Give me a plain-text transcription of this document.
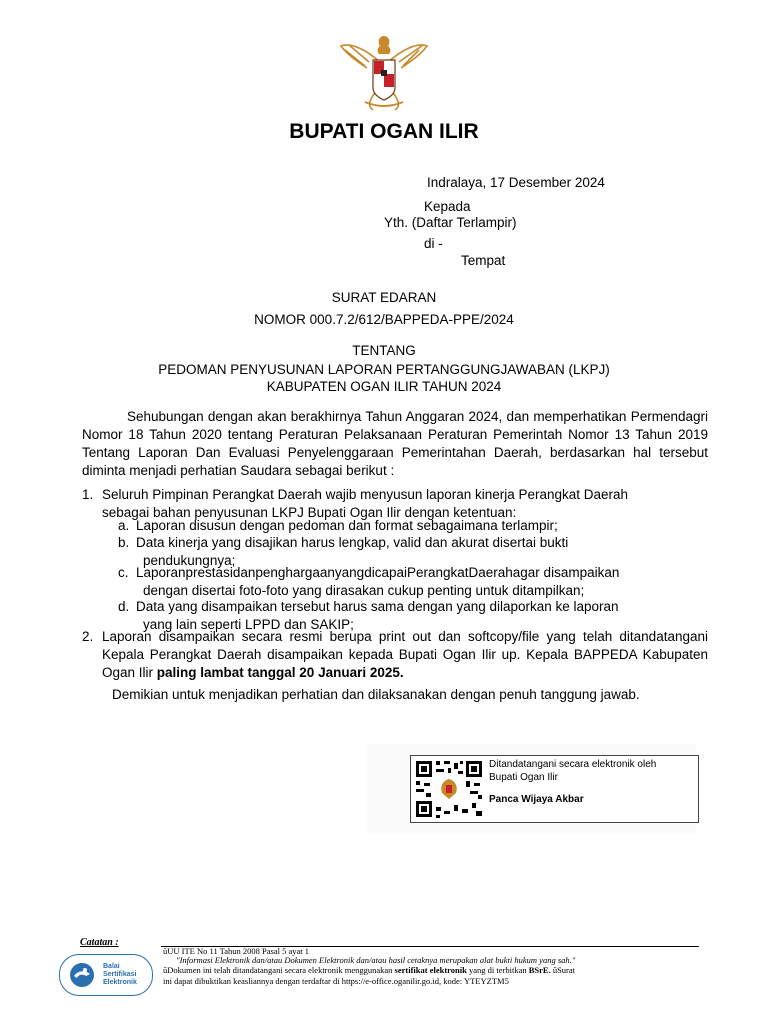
BUPATI OGAN ILIR
Indralaya, 17 Desember 2024
Kepada
Yth. (Daftar Terlampir)
di -
Tempat
SURAT EDARAN
NOMOR 000.7.2/612/BAPPEDA-PPE/2024
TENTANG
PEDOMAN PENYUSUNAN LAPORAN PERTANGGUNGJAWABAN (LKPJ)
KABUPATEN OGAN ILIR TAHUN 2024
Sehubungan dengan akan berakhirnya Tahun Anggaran 2024, dan memperhatikan Permendagri Nomor 18 Tahun 2020 tentang Peraturan Pelaksanaan Peraturan Pemerintah Nomor 13 Tahun 2019 Tentang Laporan Dan Evaluasi Penyelenggaraan Pemerintahan Daerah, berdasarkan hal tersebut diminta menjadi perhatian Saudara sebagai berikut :
1. Seluruh Pimpinan Perangkat Daerah wajib menyusun laporan kinerja Perangkat Daerah
sebagai bahan penyusunan LKPJ Bupati Ogan Ilir dengan ketentuan:
a. Laporan disusun dengan pedoman dan format sebagaimana terlampir;
b. Data kinerja yang disajikan harus lengkap, valid dan akurat disertai bukti
pendukungnya;
c. LaporanprestasidanpenghargaanyangdicapaiPerangkatDaerahagar disampaikan
dengan disertai foto-foto yang dirasakan cukup penting untuk ditampilkan;
d. Data yang disampaikan tersebut harus sama dengan yang dilaporkan ke laporan
yang lain seperti LPPD dan SAKIP;
2. Laporan disampaikan secara resmi berupa print out dan softcopy/file yang telah ditandatangani Kepala Perangkat Daerah disampaikan kepada Bupati Ogan Ilir up. Kepala BAPPEDA Kabupaten Ogan Ilir paling lambat tanggal 20 Januari 2025.
Demikian untuk menjadikan perhatian dan dilaksanakan dengan penuh tanggung jawab.
Ditandatangani secara elektronik oleh
Bupati Ogan Ilir
Panca Wijaya Akbar
Catatan :
Balai
Sertifikasi
Elektronik
ŭUU ITE No 11 Tahun 2008 Pasal 5 ayat 1
"Informasi Elektronik dan/atau Dokumen Elektronik dan/atau hasil cetaknya merupakan alat bukti hukum yang sah."
ŭDokumen ini telah ditandatangani secara elektronik menggunakan sertifikat elektronik yang di terbitkan BSrE. ŭSurat
ini dapat dibuktikan keasliannya dengan terdaftar di https://e-office.oganilir.go.id, kode: YTEYZTM5
